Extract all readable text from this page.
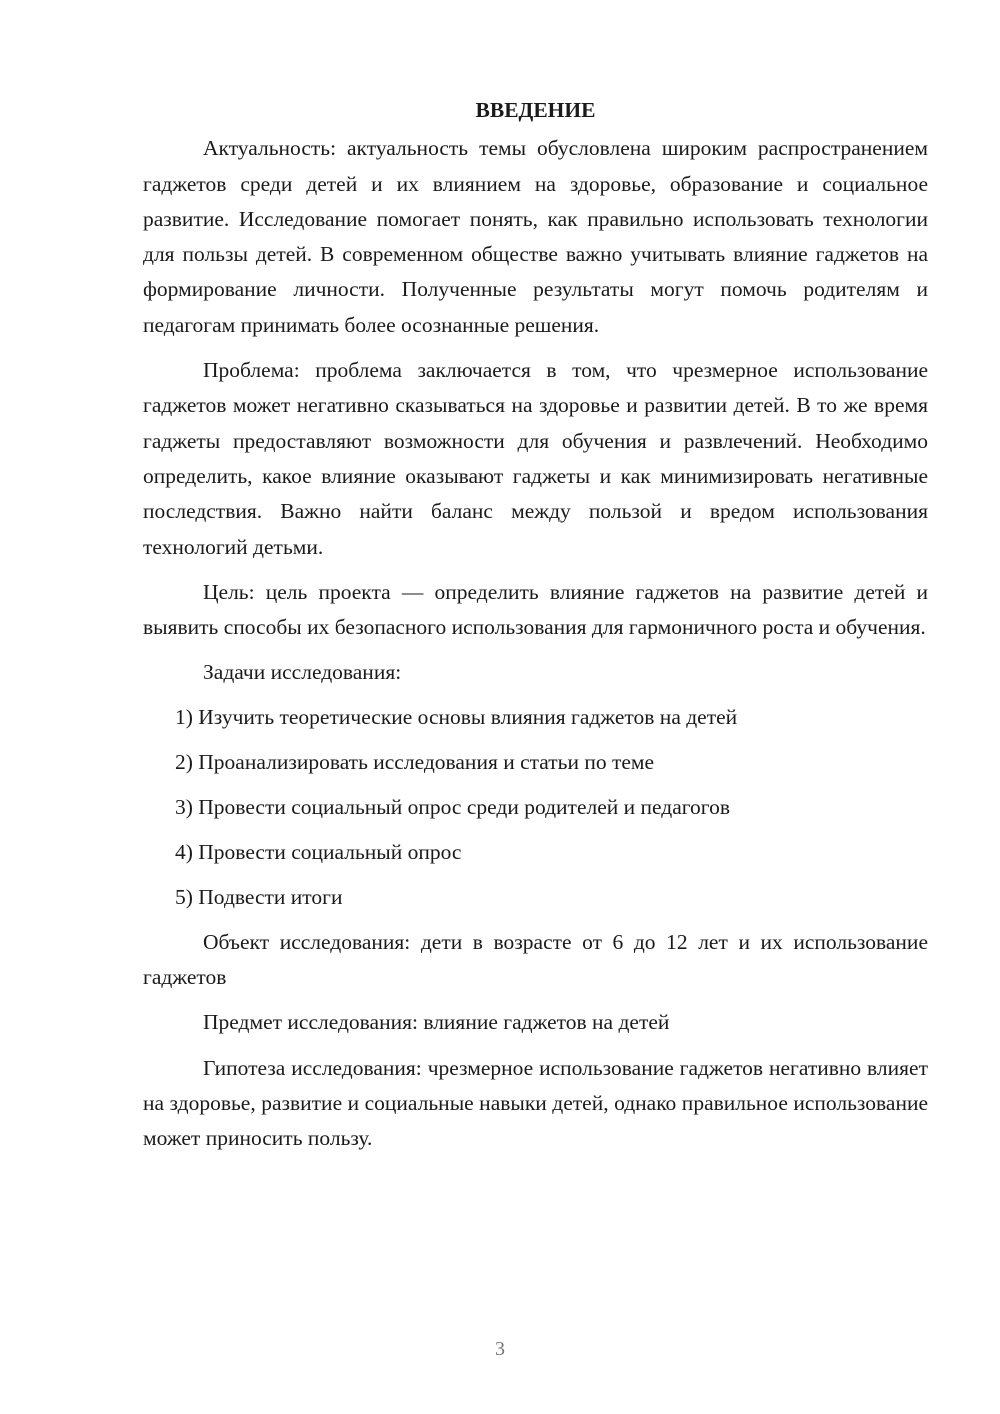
ВВЕДЕНИЕ

Актуальность: актуальность темы обусловлена широким распространением гаджетов среди детей и их влиянием на здоровье, образование и социальное развитие. Исследование помогает понять, как правильно использовать технологии для пользы детей. В современном обществе важно учитывать влияние гаджетов на формирование личности. Полученные результаты могут помочь родителям и педагогам принимать более осознанные решения.

Проблема: проблема заключается в том, что чрезмерное использование гаджетов может негативно сказываться на здоровье и развитии детей. В то же время гаджеты предоставляют возможности для обучения и развлечений. Необходимо определить, какое влияние оказывают гаджеты и как минимизировать негативные последствия. Важно найти баланс между пользой и вредом использования технологий детьми.

Цель: цель проекта — определить влияние гаджетов на развитие детей и выявить способы их безопасного использования для гармоничного роста и обучения.

Задачи исследования:

1) Изучить теоретические основы влияния гаджетов на детей
2) Проанализировать исследования и статьи по теме
3) Провести социальный опрос среди родителей и педагогов
4) Провести социальный опрос
5) Подвести итоги

Объект исследования: дети в возрасте от 6 до 12 лет и их использование гаджетов

Предмет исследования: влияние гаджетов на детей

Гипотеза исследования: чрезмерное использование гаджетов негативно влияет на здоровье, развитие и социальные навыки детей, однако правильное использование может приносить пользу.

3
